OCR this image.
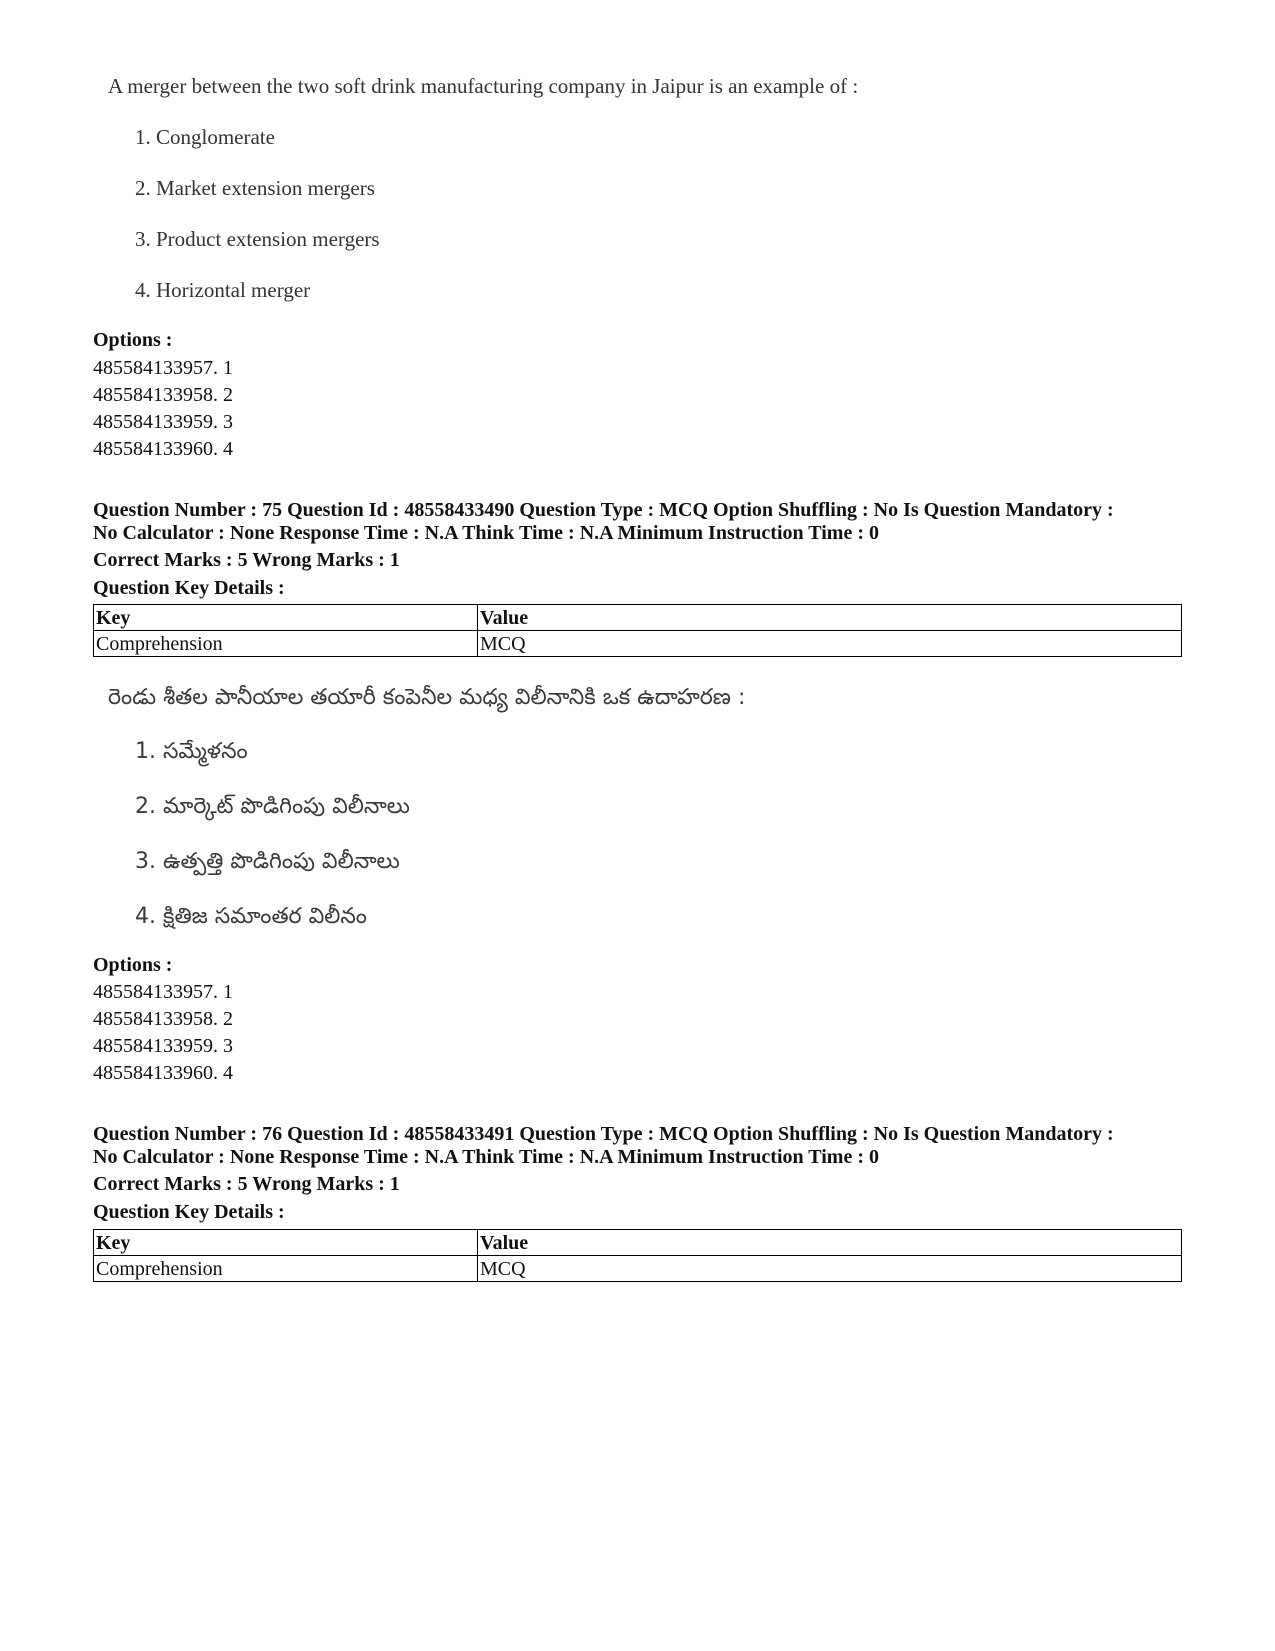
A merger between the two soft drink manufacturing company in Jaipur is an example of :
1. Conglomerate
2. Market extension mergers
3. Product extension mergers
4. Horizontal merger
Options :
485584133957. 1
485584133958. 2
485584133959. 3
485584133960. 4
Question Number : 75 Question Id : 48558433490 Question Type : MCQ Option Shuffling : No Is Question Mandatory :
No Calculator : None Response Time : N.A Think Time : N.A Minimum Instruction Time : 0
Correct Marks : 5 Wrong Marks : 1
Question Key Details :
Key	Value
Comprehension	MCQ
రెండు శీతల పానీయాల తయారీ కంపెనీల మధ్య విలీనానికి ఒక ఉదాహరణ :
1. సమ్మేళనం
2. మార్కెట్ పొడిగింపు విలీనాలు
3. ఉత్పత్తి పొడిగింపు విలీనాలు
4. క్షితిజ సమాంతర విలీనం
Options :
485584133957. 1
485584133958. 2
485584133959. 3
485584133960. 4
Question Number : 76 Question Id : 48558433491 Question Type : MCQ Option Shuffling : No Is Question Mandatory :
No Calculator : None Response Time : N.A Think Time : N.A Minimum Instruction Time : 0
Correct Marks : 5 Wrong Marks : 1
Question Key Details :
Key	Value
Comprehension	MCQ
